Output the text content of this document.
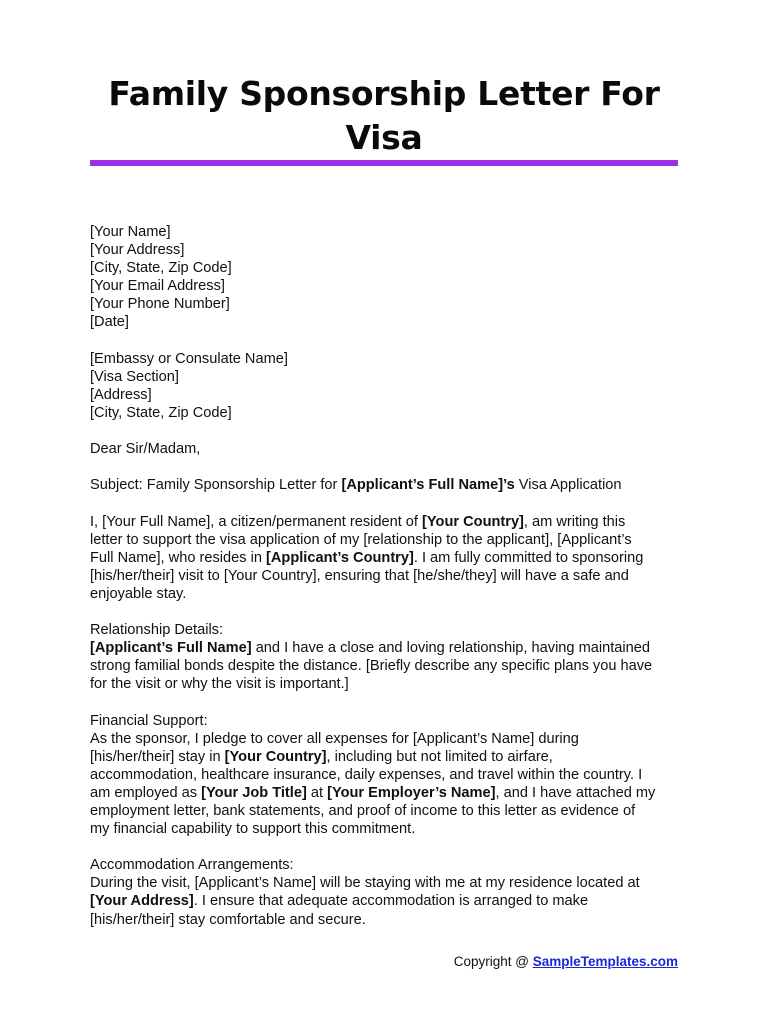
Family Sponsorship Letter For
Visa
[Your Name]
[Your Address]
[City, State, Zip Code]
[Your Email Address]
[Your Phone Number]
[Date]
[Embassy or Consulate Name]
[Visa Section]
[Address]
[City, State, Zip Code]
Dear Sir/Madam,
Subject: Family Sponsorship Letter for [Applicant’s Full Name]’s Visa Application
I, [Your Full Name], a citizen/permanent resident of [Your Country], am writing this
letter to support the visa application of my [relationship to the applicant], [Applicant’s
Full Name], who resides in [Applicant’s Country]. I am fully committed to sponsoring
[his/her/their] visit to [Your Country], ensuring that [he/she/they] will have a safe and
enjoyable stay.
Relationship Details:
[Applicant’s Full Name] and I have a close and loving relationship, having maintained
strong familial bonds despite the distance. [Briefly describe any specific plans you have
for the visit or why the visit is important.]
Financial Support:
As the sponsor, I pledge to cover all expenses for [Applicant’s Name] during
[his/her/their] stay in [Your Country], including but not limited to airfare,
accommodation, healthcare insurance, daily expenses, and travel within the country. I
am employed as [Your Job Title] at [Your Employer’s Name], and I have attached my
employment letter, bank statements, and proof of income to this letter as evidence of
my financial capability to support this commitment.
Accommodation Arrangements:
During the visit, [Applicant’s Name] will be staying with me at my residence located at
[Your Address]. I ensure that adequate accommodation is arranged to make
[his/her/their] stay comfortable and secure.
Copyright @ SampleTemplates.com
